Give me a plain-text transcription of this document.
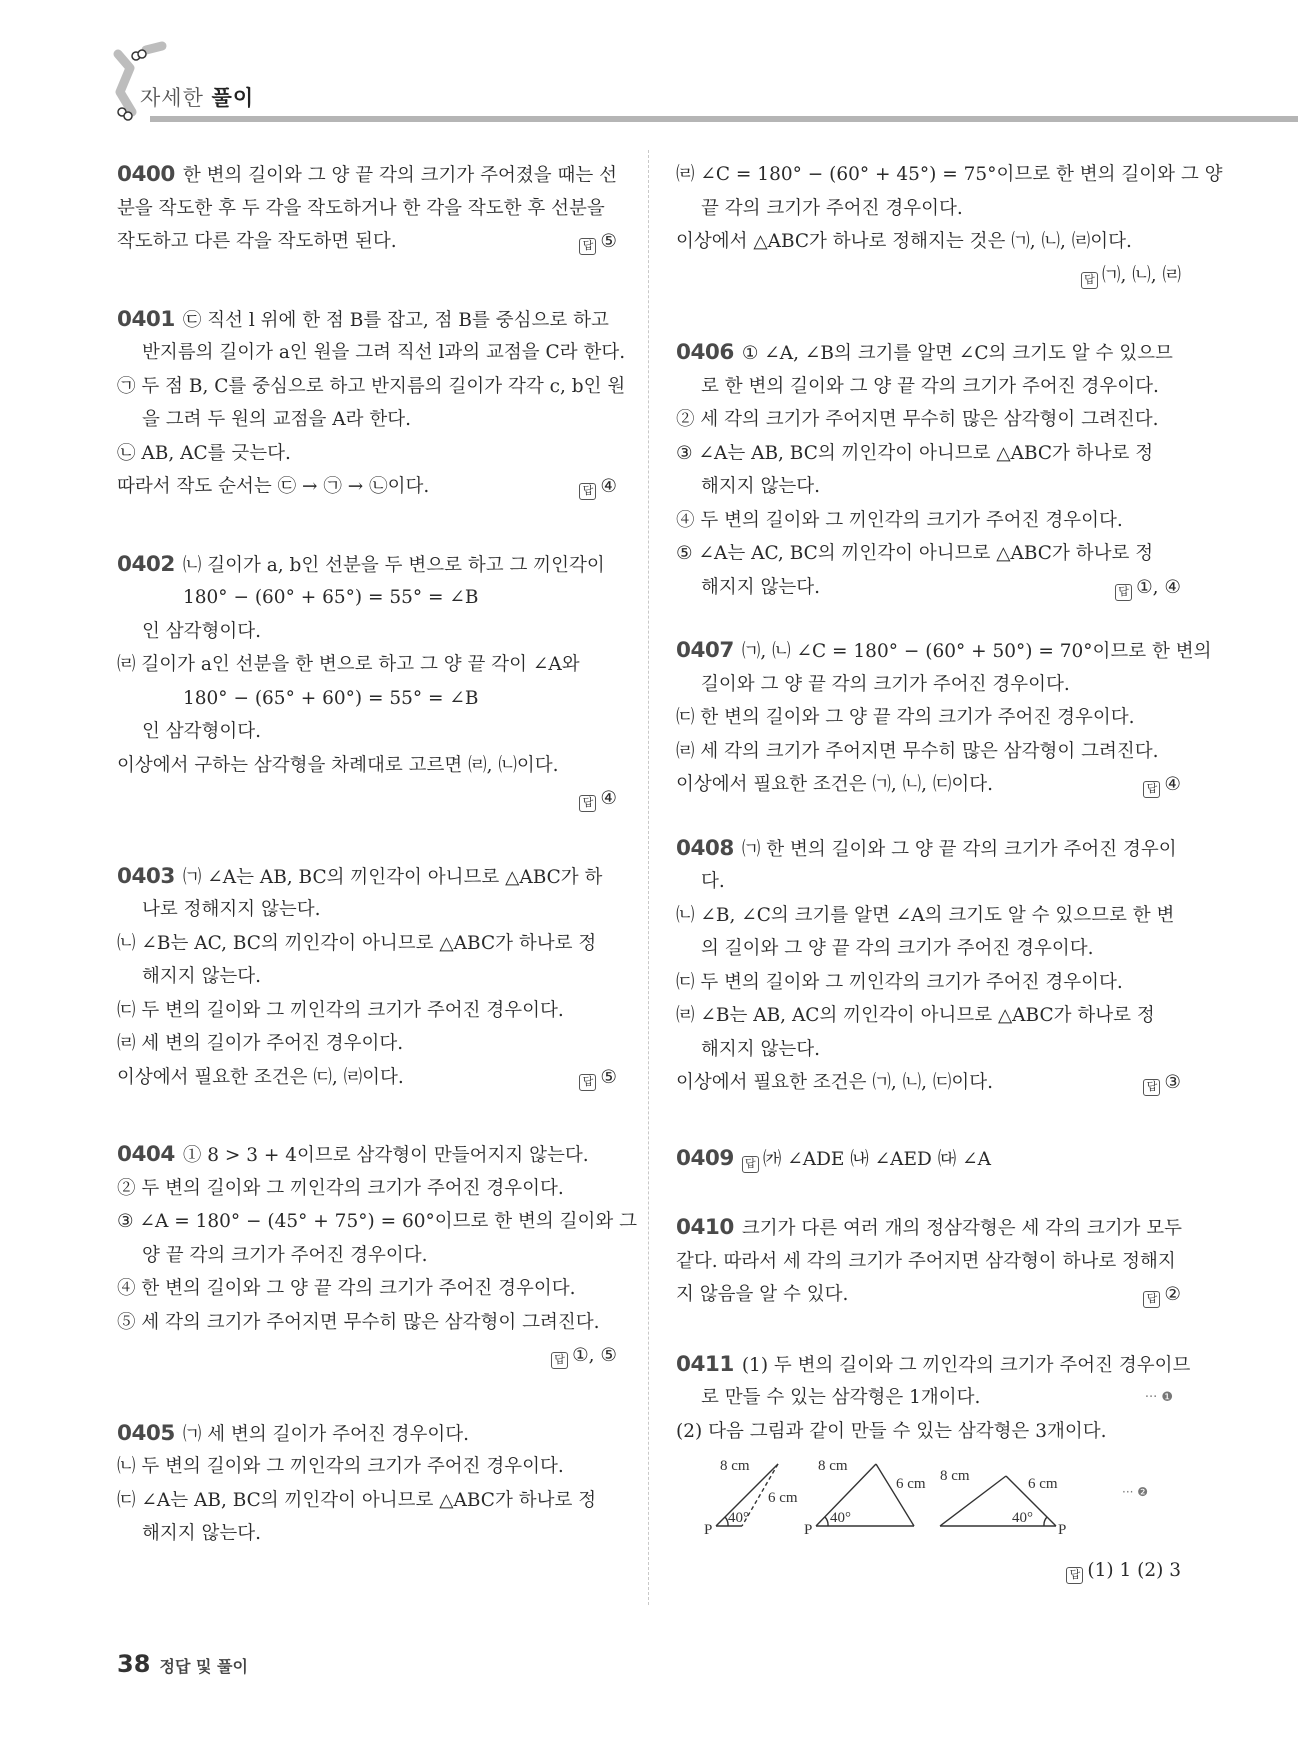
자세한 풀이
0400 한 변의 길이와 그 양 끝 각의 크기가 주어졌을 때는 선
분을 작도한 후 두 각을 작도하거나 한 각을 작도한 후 선분을
작도하고 다른 각을 작도하면 된다.	답 ⑤
0401 ㉢ 직선 l 위에 한 점 B를 잡고, 점 B를 중심으로 하고
반지름의 길이가 a인 원을 그려 직선 l과의 교점을 C라 한다.
㉠ 두 점 B, C를 중심으로 하고 반지름의 길이가 각각 c, b인 원
을 그려 두 원의 교점을 A라 한다.
㉡ AB, AC를 긋는다.
따라서 작도 순서는 ㉢ → ㉠ → ㉡이다.	답 ④
0402 ㈁ 길이가 a, b인 선분을 두 변으로 하고 그 끼인각이
180° − (60° + 65°) = 55° = ∠B
인 삼각형이다.
㈃ 길이가 a인 선분을 한 변으로 하고 그 양 끝 각이 ∠A와
180° − (65° + 60°) = 55° = ∠B
인 삼각형이다.
이상에서 구하는 삼각형을 차례대로 고르면 ㈃, ㈁이다.
답 ④
0403 ㈀ ∠A는 AB, BC의 끼인각이 아니므로 △ABC가 하
나로 정해지지 않는다.
㈁ ∠B는 AC, BC의 끼인각이 아니므로 △ABC가 하나로 정
해지지 않는다.
㈂ 두 변의 길이와 그 끼인각의 크기가 주어진 경우이다.
㈃ 세 변의 길이가 주어진 경우이다.
이상에서 필요한 조건은 ㈂, ㈃이다.	답 ⑤
0404 ① 8 > 3 + 4이므로 삼각형이 만들어지지 않는다.
② 두 변의 길이와 그 끼인각의 크기가 주어진 경우이다.
③ ∠A = 180° − (45° + 75°) = 60°이므로 한 변의 길이와 그
양 끝 각의 크기가 주어진 경우이다.
④ 한 변의 길이와 그 양 끝 각의 크기가 주어진 경우이다.
⑤ 세 각의 크기가 주어지면 무수히 많은 삼각형이 그려진다.
답 ①, ⑤
0405 ㈀ 세 변의 길이가 주어진 경우이다.
㈁ 두 변의 길이와 그 끼인각의 크기가 주어진 경우이다.
㈂ ∠A는 AB, BC의 끼인각이 아니므로 △ABC가 하나로 정
해지지 않는다.
㈃ ∠C = 180° − (60° + 45°) = 75°이므로 한 변의 길이와 그 양
끝 각의 크기가 주어진 경우이다.
이상에서 △ABC가 하나로 정해지는 것은 ㈀, ㈁, ㈃이다.
답 ㈀, ㈁, ㈃
0406 ① ∠A, ∠B의 크기를 알면 ∠C의 크기도 알 수 있으므
로 한 변의 길이와 그 양 끝 각의 크기가 주어진 경우이다.
② 세 각의 크기가 주어지면 무수히 많은 삼각형이 그려진다.
③ ∠A는 AB, BC의 끼인각이 아니므로 △ABC가 하나로 정
해지지 않는다.
④ 두 변의 길이와 그 끼인각의 크기가 주어진 경우이다.
⑤ ∠A는 AC, BC의 끼인각이 아니므로 △ABC가 하나로 정
해지지 않는다.	답 ①, ④
0407 ㈀, ㈁ ∠C = 180° − (60° + 50°) = 70°이므로 한 변의
길이와 그 양 끝 각의 크기가 주어진 경우이다.
㈂ 한 변의 길이와 그 양 끝 각의 크기가 주어진 경우이다.
㈃ 세 각의 크기가 주어지면 무수히 많은 삼각형이 그려진다.
이상에서 필요한 조건은 ㈀, ㈁, ㈂이다.	답 ④
0408 ㈀ 한 변의 길이와 그 양 끝 각의 크기가 주어진 경우이
다.
㈁ ∠B, ∠C의 크기를 알면 ∠A의 크기도 알 수 있으므로 한 변
의 길이와 그 양 끝 각의 크기가 주어진 경우이다.
㈂ 두 변의 길이와 그 끼인각의 크기가 주어진 경우이다.
㈃ ∠B는 AB, AC의 끼인각이 아니므로 △ABC가 하나로 정
해지지 않는다.
이상에서 필요한 조건은 ㈀, ㈁, ㈂이다.	답 ③
0409 답 ㈎ ∠ADE ㈏ ∠AED ㈐ ∠A
0410 크기가 다른 여러 개의 정삼각형은 세 각의 크기가 모두
같다. 따라서 세 각의 크기가 주어지면 삼각형이 하나로 정해지
지 않음을 알 수 있다.	답 ②
0411 (1) 두 변의 길이와 그 끼인각의 크기가 주어진 경우이므
로 만들 수 있는 삼각형은 1개이다.	··· ❶
(2) 다음 그림과 같이 만들 수 있는 삼각형은 3개이다.
8 cm
6 cm
40°
P
8 cm
6 cm
40°
P
8 cm	6 cm
40°
P
··· ❷
답 (1) 1 (2) 3
38 정답 및 풀이
